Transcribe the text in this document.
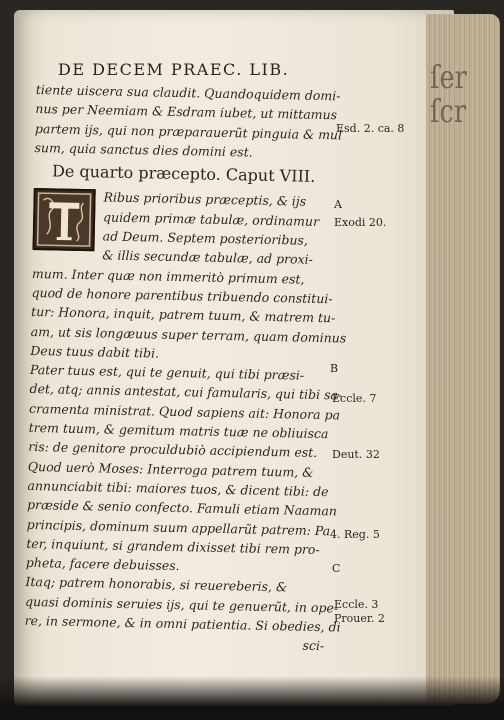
ſer
ſcr
DE DECEM PRAEC. LIB.
tiente uiscera sua claudit. Quandoquidem domi-
nus per Neemiam & Esdram iubet, ut mittamus
partem ijs, qui non præparauerũt pinguia & mul
sum, quia sanctus dies domini est.
De quarto præcepto. Caput VIII.
Ribus prioribus præceptis, & ijs
quidem primæ tabulæ, ordinamur
ad Deum. Septem posterioribus,
& illis secundæ tabulæ, ad proxi-
mum. Inter quæ non immeritò primum est,
quod de honore parentibus tribuendo constitui-
tur: Honora, inquit, patrem tuum, & matrem tu-
am, ut sis longæuus super terram, quam dominus
Deus tuus dabit tibi.
Pater tuus est, qui te genuit, qui tibi præsi-
det, atq; annis antestat, cui famularis, qui tibi sa-
cramenta ministrat. Quod sapiens ait: Honora pa
trem tuum, & gemitum matris tuæ ne obliuisca
ris: de genitore proculdubiò accipiendum est.
Quod uerò Moses: Interroga patrem tuum, &
annunciabit tibi: maiores tuos, & dicent tibi: de
præside & senio confecto. Famuli etiam Naaman
principis, dominum suum appellarũt patrem: Pa
ter, inquiunt, si grandem dixisset tibi rem pro-
pheta, facere debuisses.
Itaq; patrem honorabis, si reuereberis, &
quasi dominis seruies ijs, qui te genuerũt, in ope-
re, in sermone, & in omni patientia. Si obedies, di
sci-
Esd. 2. ca. 8
A
Exodi 20.
B
Eccle. 7
Deut. 32
4. Reg. 5
C
Eccle. 3
Prouer. 2
